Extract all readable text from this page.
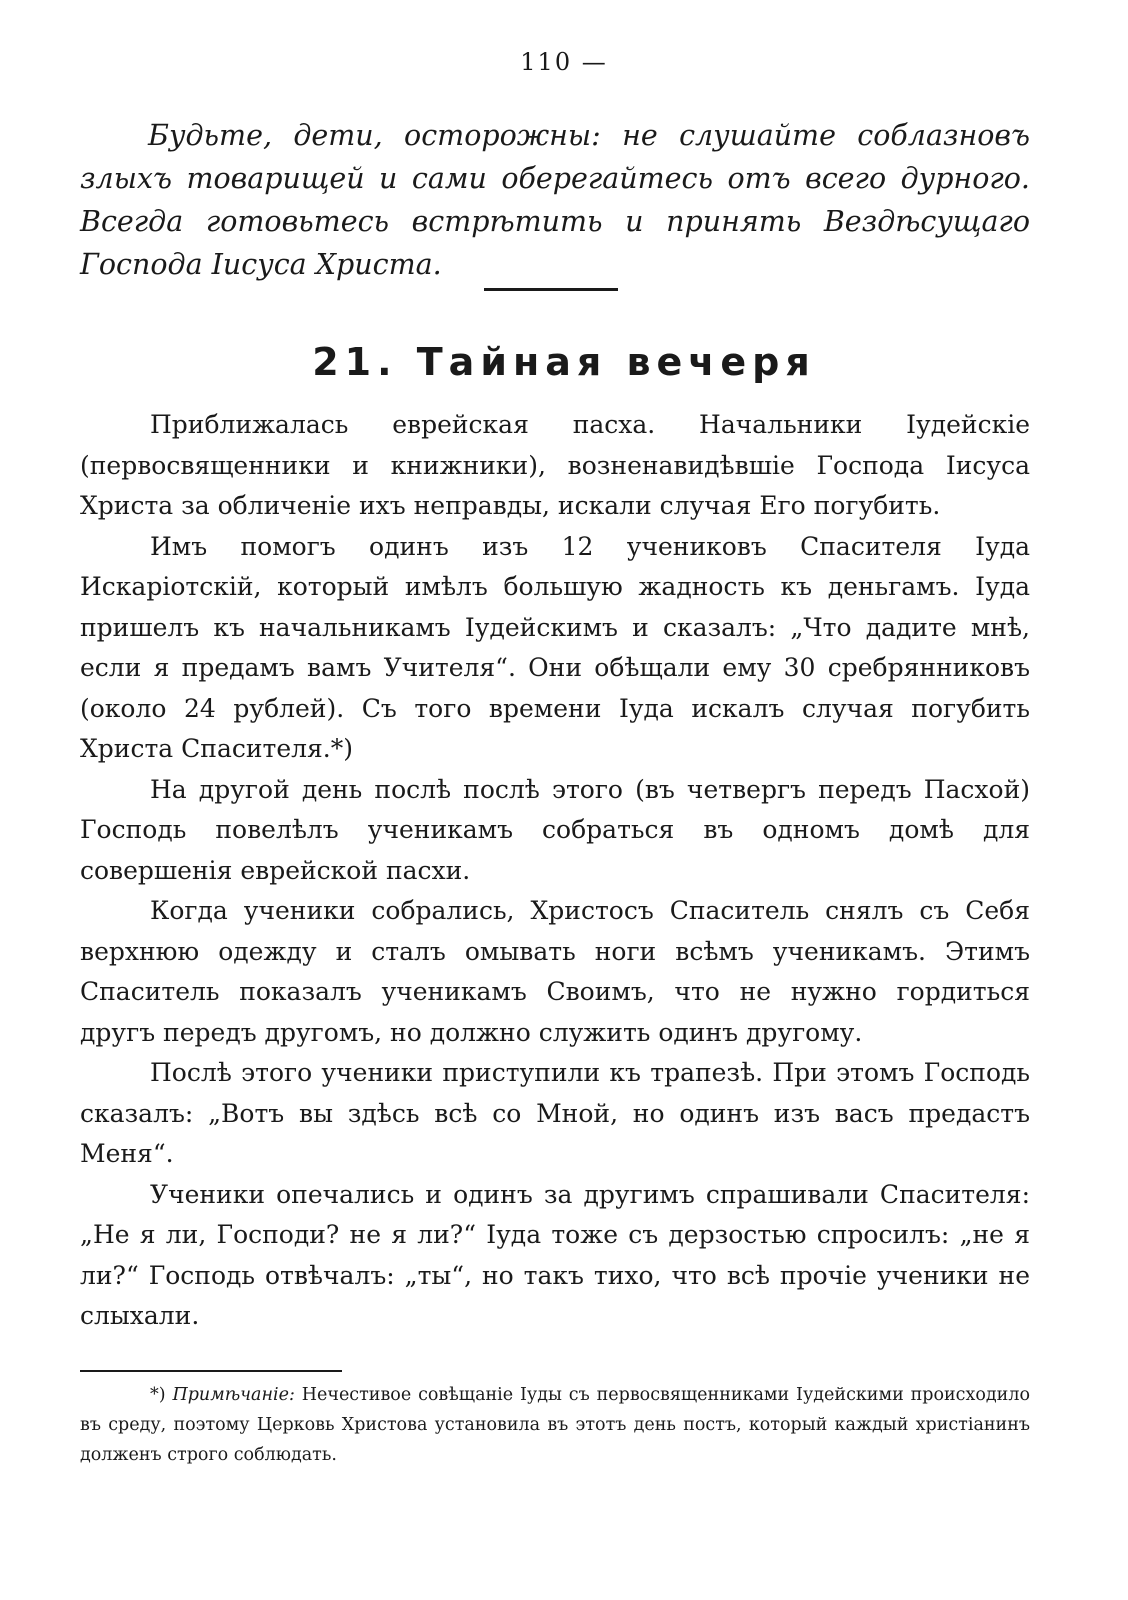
110 —

Будьте, дети, осторожны: не слушайте соблазновъ злыхъ товарищей и сами оберегайтесь отъ всего дурного. Всегда готовьтесь встрѣтить и принять Вездѣсущаго Господа Іисуса Христа.

21. Тайная вечеря

Приближалась еврейская пасха. Начальники Іудейскіе (первосвященники и книжники), возненавидѣвшіе Господа Іисуса Христа за обличеніе ихъ неправды, искали случая Его погубить.

Имъ помогъ одинъ изъ 12 учениковъ Спасителя Іуда Искаріотскій, который имѣлъ большую жадность къ деньгамъ. Іуда пришелъ къ начальникамъ Іудейскимъ и сказалъ: „Что дадите мнѣ, если я предамъ вамъ Учителя“. Они обѣщали ему 30 сребрянниковъ (около 24 рублей). Съ того времени Іуда искалъ случая погубить Христа Спасителя.*)

На другой день послѣ послѣ этого (въ четвергъ передъ Пасхой) Господь повелѣлъ ученикамъ собраться въ одномъ домѣ для совершенія еврейской пасхи.

Когда ученики собрались, Христосъ Спаситель снялъ съ Себя верхнюю одежду и сталъ омывать ноги всѣмъ ученикамъ. Этимъ Спаситель показалъ ученикамъ Своимъ, что не нужно гордиться другъ передъ другомъ, но должно служить одинъ другому.

Послѣ этого ученики приступили къ трапезѣ. При этомъ Господь сказалъ: „Вотъ вы здѣсь всѣ со Мной, но одинъ изъ васъ предастъ Меня“.

Ученики опечались и одинъ за другимъ спрашивали Спасителя: „Не я ли, Господи? не я ли?“ Іуда тоже съ дерзостью спросилъ: „не я ли?“ Господь отвѣчалъ: „ты“, но такъ тихо, что всѣ прочіе ученики не слыхали.

*) Примѣчаніе: Нечестивое совѣщаніе Іуды съ первосвященниками Іудейскими происходило въ среду, поэтому Церковь Христова установила въ этотъ день постъ, который каждый христіанинъ долженъ строго соблюдать.
